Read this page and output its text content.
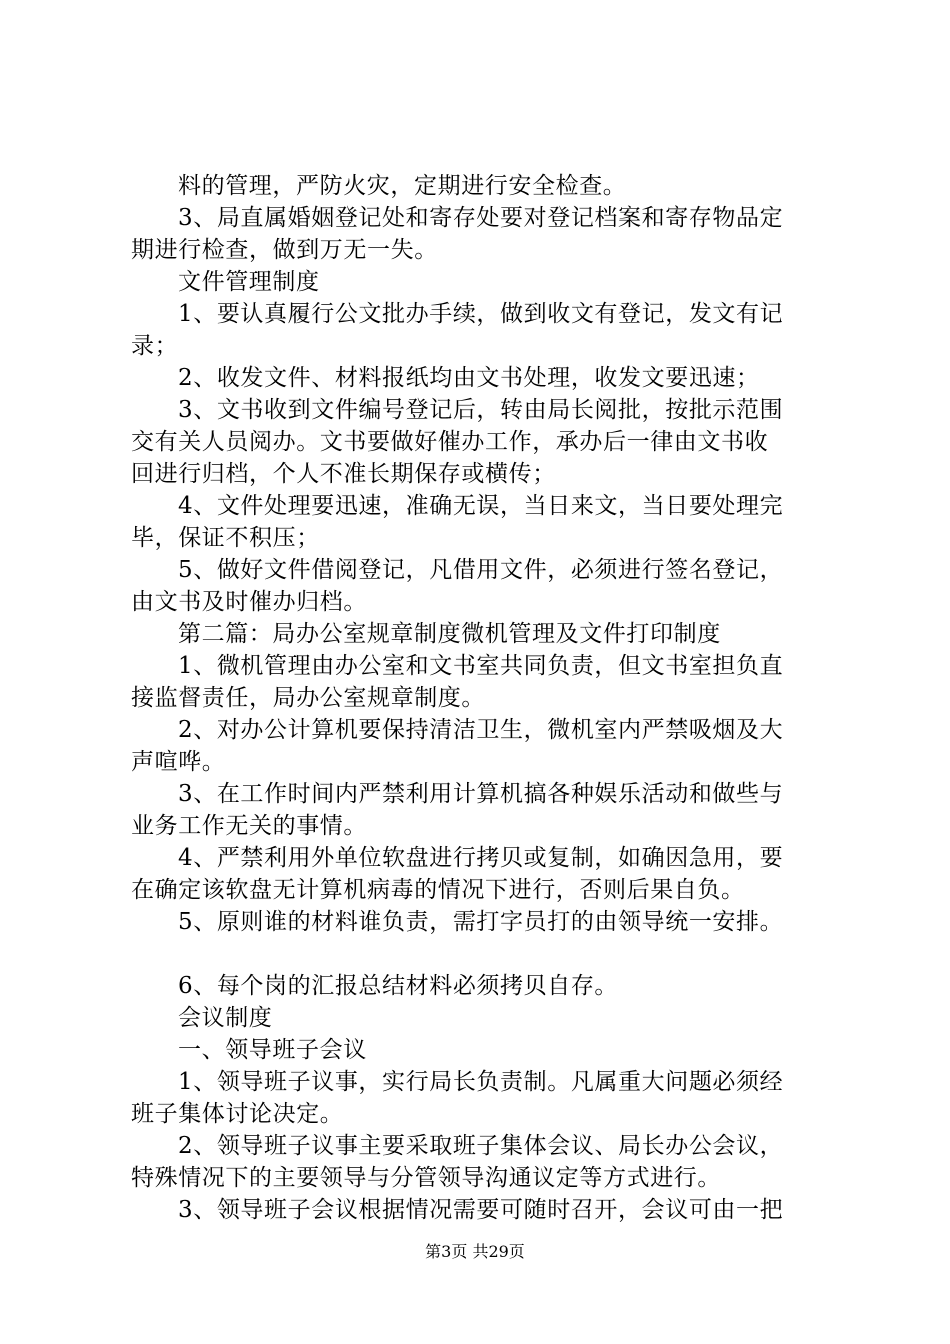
料的管理，严防火灾，定期进行安全检查。
3、局直属婚姻登记处和寄存处要对登记档案和寄存物品定
期进行检查，做到万无一失。
文件管理制度
1、要认真履行公文批办手续，做到收文有登记，发文有记
录；
2、收发文件、材料报纸均由文书处理，收发文要迅速；
3、文书收到文件编号登记后，转由局长阅批，按批示范围
交有关人员阅办。文书要做好催办工作，承办后一律由文书收
回进行归档，个人不准长期保存或横传；
4、文件处理要迅速，准确无误，当日来文，当日要处理完
毕，保证不积压；
5、做好文件借阅登记，凡借用文件，必须进行签名登记，
由文书及时催办归档。
第二篇：局办公室规章制度微机管理及文件打印制度
1、微机管理由办公室和文书室共同负责，但文书室担负直
接监督责任，局办公室规章制度。
2、对办公计算机要保持清洁卫生，微机室内严禁吸烟及大
声喧哗。
3、在工作时间内严禁利用计算机搞各种娱乐活动和做些与
业务工作无关的事情。
4、严禁利用外单位软盘进行拷贝或复制，如确因急用，要
在确定该软盘无计算机病毒的情况下进行，否则后果自负。
5、原则谁的材料谁负责，需打字员打的由领导统一安排。
6、每个岗的汇报总结材料必须拷贝自存。
会议制度
一、领导班子会议
1、领导班子议事，实行局长负责制。凡属重大问题必须经
班子集体讨论决定。
2、领导班子议事主要采取班子集体会议、局长办公会议，
特殊情况下的主要领导与分管领导沟通议定等方式进行。
3、领导班子会议根据情况需要可随时召开，会议可由一把
第3页 共29页
